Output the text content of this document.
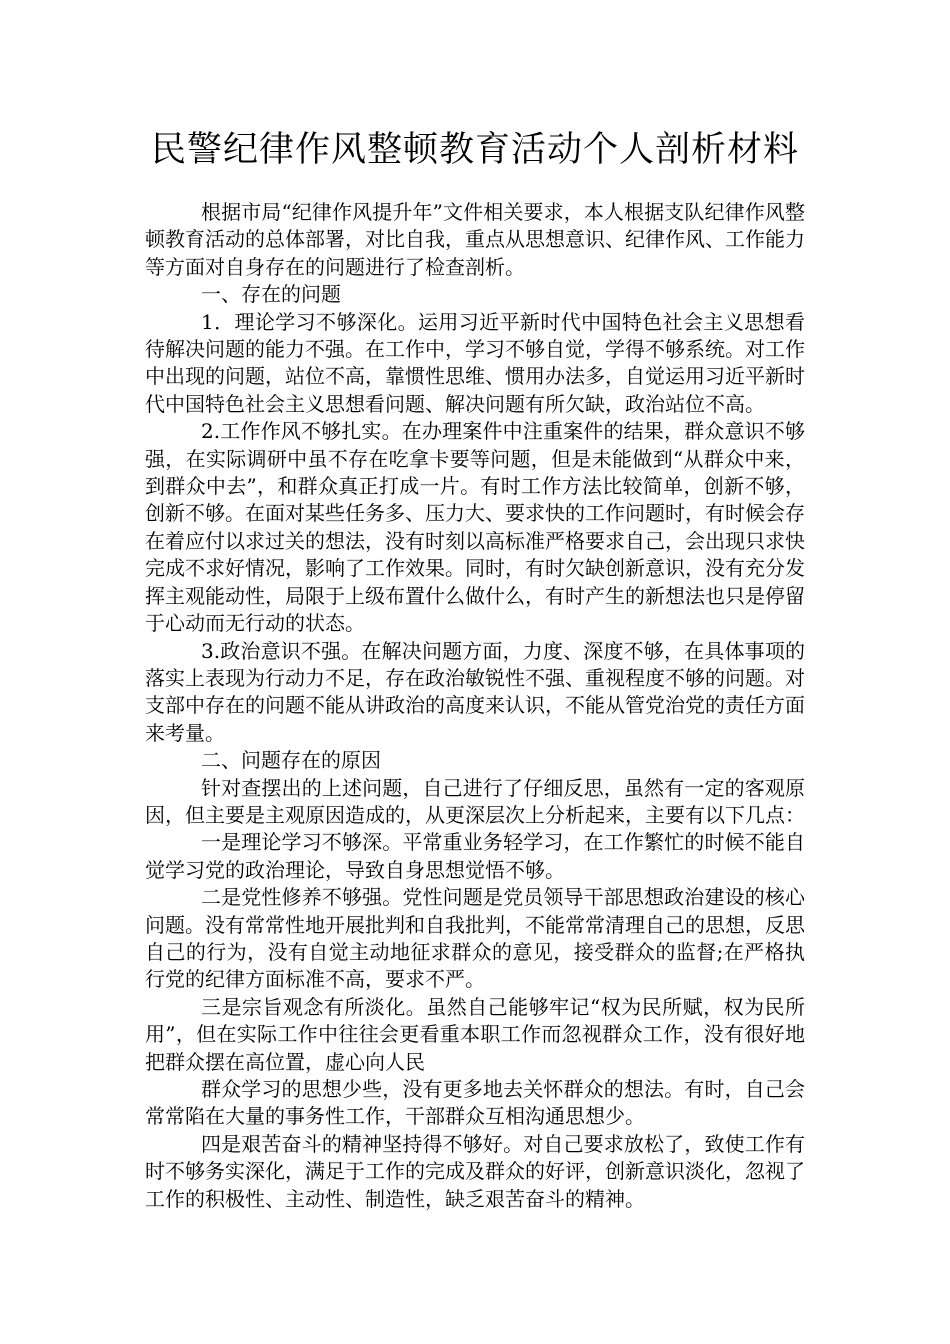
民警纪律作风整顿教育活动个人剖析材料

根据市局“纪律作风提升年”文件相关要求，本人根据支队纪律作风整顿教育活动的总体部署，对比自我，重点从思想意识、纪律作风、工作能力等方面对自身存在的问题进行了检查剖析。

一、存在的问题

1．理论学习不够深化。运用习近平新时代中国特色社会主义思想看待解决问题的能力不强。在工作中，学习不够自觉，学得不够系统。对工作中出现的问题，站位不高，靠惯性思维、惯用办法多，自觉运用习近平新时代中国特色社会主义思想看问题、解决问题有所欠缺，政治站位不高。

2.工作作风不够扎实。在办理案件中注重案件的结果，群众意识不够强，在实际调研中虽不存在吃拿卡要等问题，但是未能做到“从群众中来，到群众中去”，和群众真正打成一片。有时工作方法比较简单，创新不够，创新不够。在面对某些任务多、压力大、要求快的工作问题时，有时候会存在着应付以求过关的想法，没有时刻以高标准严格要求自己，会出现只求快完成不求好情况，影响了工作效果。同时，有时欠缺创新意识，没有充分发挥主观能动性，局限于上级布置什么做什么，有时产生的新想法也只是停留于心动而无行动的状态。

3.政治意识不强。在解决问题方面，力度、深度不够，在具体事项的落实上表现为行动力不足，存在政治敏锐性不强、重视程度不够的问题。对支部中存在的问题不能从讲政治的高度来认识，不能从管党治党的责任方面来考量。

二、问题存在的原因

针对查摆出的上述问题，自己进行了仔细反思，虽然有一定的客观原因，但主要是主观原因造成的，从更深层次上分析起来，主要有以下几点：

一是理论学习不够深。平常重业务轻学习，在工作繁忙的时候不能自觉学习党的政治理论，导致自身思想觉悟不够。

二是党性修养不够强。党性问题是党员领导干部思想政治建设的核心问题。没有常常性地开展批判和自我批判，不能常常清理自己的思想，反思自己的行为，没有自觉主动地征求群众的意见，接受群众的监督;在严格执行党的纪律方面标准不高，要求不严。

三是宗旨观念有所淡化。虽然自己能够牢记“权为民所赋，权为民所用”，但在实际工作中往往会更看重本职工作而忽视群众工作，没有很好地把群众摆在高位置，虚心向人民

群众学习的思想少些，没有更多地去关怀群众的想法。有时，自己会常常陷在大量的事务性工作，干部群众互相沟通思想少。

四是艰苦奋斗的精神坚持得不够好。对自己要求放松了，致使工作有时不够务实深化，满足于工作的完成及群众的好评，创新意识淡化，忽视了工作的积极性、主动性、制造性，缺乏艰苦奋斗的精神。
